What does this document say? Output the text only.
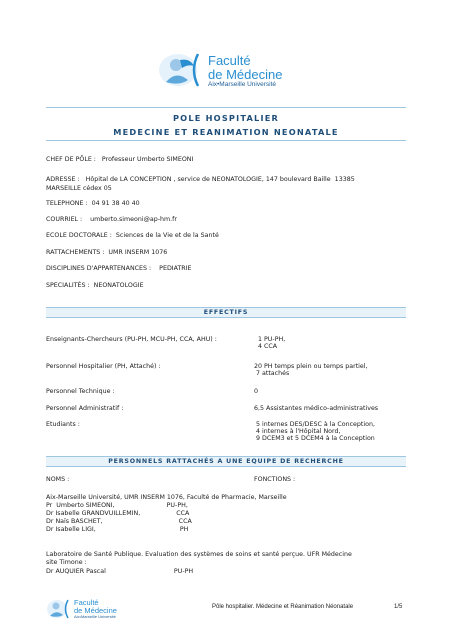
Faculté
de Médecine
Aix•Marseille Université
POLE HOSPITALIER
MEDECINE ET REANIMATION NEONATALE
CHEF DE PÔLE :   Professeur Umberto SIMEONI
ADRESSE :   Hôpital de LA CONCEPTION , service de NEONATOLOGIE, 147 boulevard Baille  13385
MARSEILLE cédex 05
TELEPHONE :  04 91 38 40 40
COURRIEL :    umberto.simeoni@ap-hm.fr
ECOLE DOCTORALE :  Sciences de la Vie et de la Santé
RATTACHEMENTS :  UMR INSERM 1076
DISCIPLINES D'APPARTENANCES :    PEDIATRIE
SPECIALITÉS :  NEONATOLOGIE
EFFECTIFS
Enseignants-Chercheurs (PU-PH, MCU-PH, CCA, AHU) :	1 PU-PH,
4 CCA
Personnel Hospitalier (PH, Attaché) :	20 PH temps plein ou temps partiel,
7 attachés
Personnel Technique :	0
Personnel Administratif :	6,5 Assistantes médico-administratives
Etudiants :	5 internes DES/DESC à la Conception,
4 internes à l'Hôpital Nord,
9 DCEM3 et 5 DCEM4 à la Conception
PERSONNELS RATTACHÉS A UNE EQUIPE DE RECHERCHE
NOMS :	FONCTIONS :
Aix-Marseille Université, UMR INSERM 1076, Faculté de Pharmacie, Marseille
Pr  Umberto SIMEONI,                          PU-PH,
Dr Isabelle GRANDVUILLEMIN,                  CCA
Dr Naïs BASCHET,                                      CCA
Dr Isabelle LIGI,                                          PH
Laboratoire de Santé Publique. Evaluation des systèmes de soins et santé perçue. UFR Médecine
site Timone :
Dr AUQUIER Pascal                                  PU-PH
Faculté
de Médecine
Aix•Marseille Université
Pôle hospitalier. Médecine et Réanimation Néonatale	1/5
